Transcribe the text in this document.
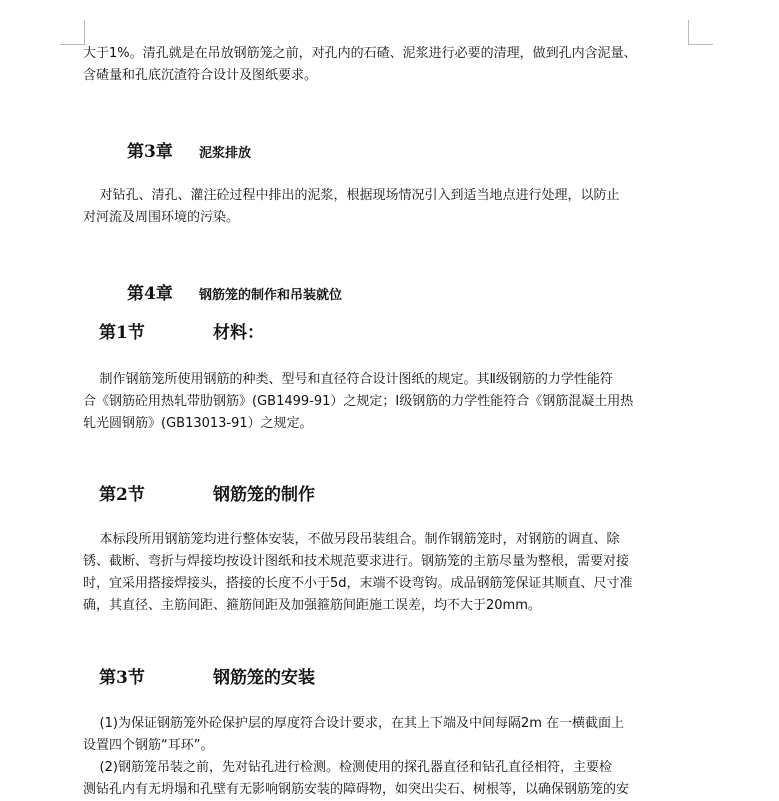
大于1%。清孔就是在吊放钢筋笼之前，对孔内的石碴、泥浆进行必要的清理，做到孔内含泥量、
含碴量和孔底沉渣符合设计及图纸要求。

第3章	泥浆排放

对钻孔、清孔、灌注砼过程中排出的泥浆，根据现场情况引入到适当地点进行处理，以防止
对河流及周围环境的污染。

第4章	钢筋笼的制作和吊装就位
第1节	材料：

制作钢筋笼所使用钢筋的种类、型号和直径符合设计图纸的规定。其Ⅱ级钢筋的力学性能符
合《钢筋砼用热轧带肋钢筋》(GB1499-91）之规定；Ⅰ级钢筋的力学性能符合《钢筋混凝土用热
轧光圆钢筋》(GB13013-91）之规定。

第2节	钢筋笼的制作

本标段所用钢筋笼均进行整体安装，不做另段吊装组合。制作钢筋笼时，对钢筋的调直、除
锈、截断、弯折与焊接均按设计图纸和技术规范要求进行。钢筋笼的主筋尽量为整根，需要对接
时，宜采用搭接焊接头，搭接的长度不小于5d，末端不设弯钩。成品钢筋笼保证其顺直、尺寸准
确，其直径、主筋间距、箍筋间距及加强箍筋间距施工误差，均不大于20mm。

第3节	钢筋笼的安装

(1)为保证钢筋笼外砼保护层的厚度符合设计要求，在其上下端及中间每隔2m 在一横截面上
设置四个钢筋“耳环”。

(2)钢筋笼吊装之前，先对钻孔进行检测。检测使用的探孔器直径和钻孔直径相符，主要检
测钻孔内有无坍塌和孔壁有无影响钢筋安装的障碍物，如突出尖石、树根等，以确保钢筋笼的安
